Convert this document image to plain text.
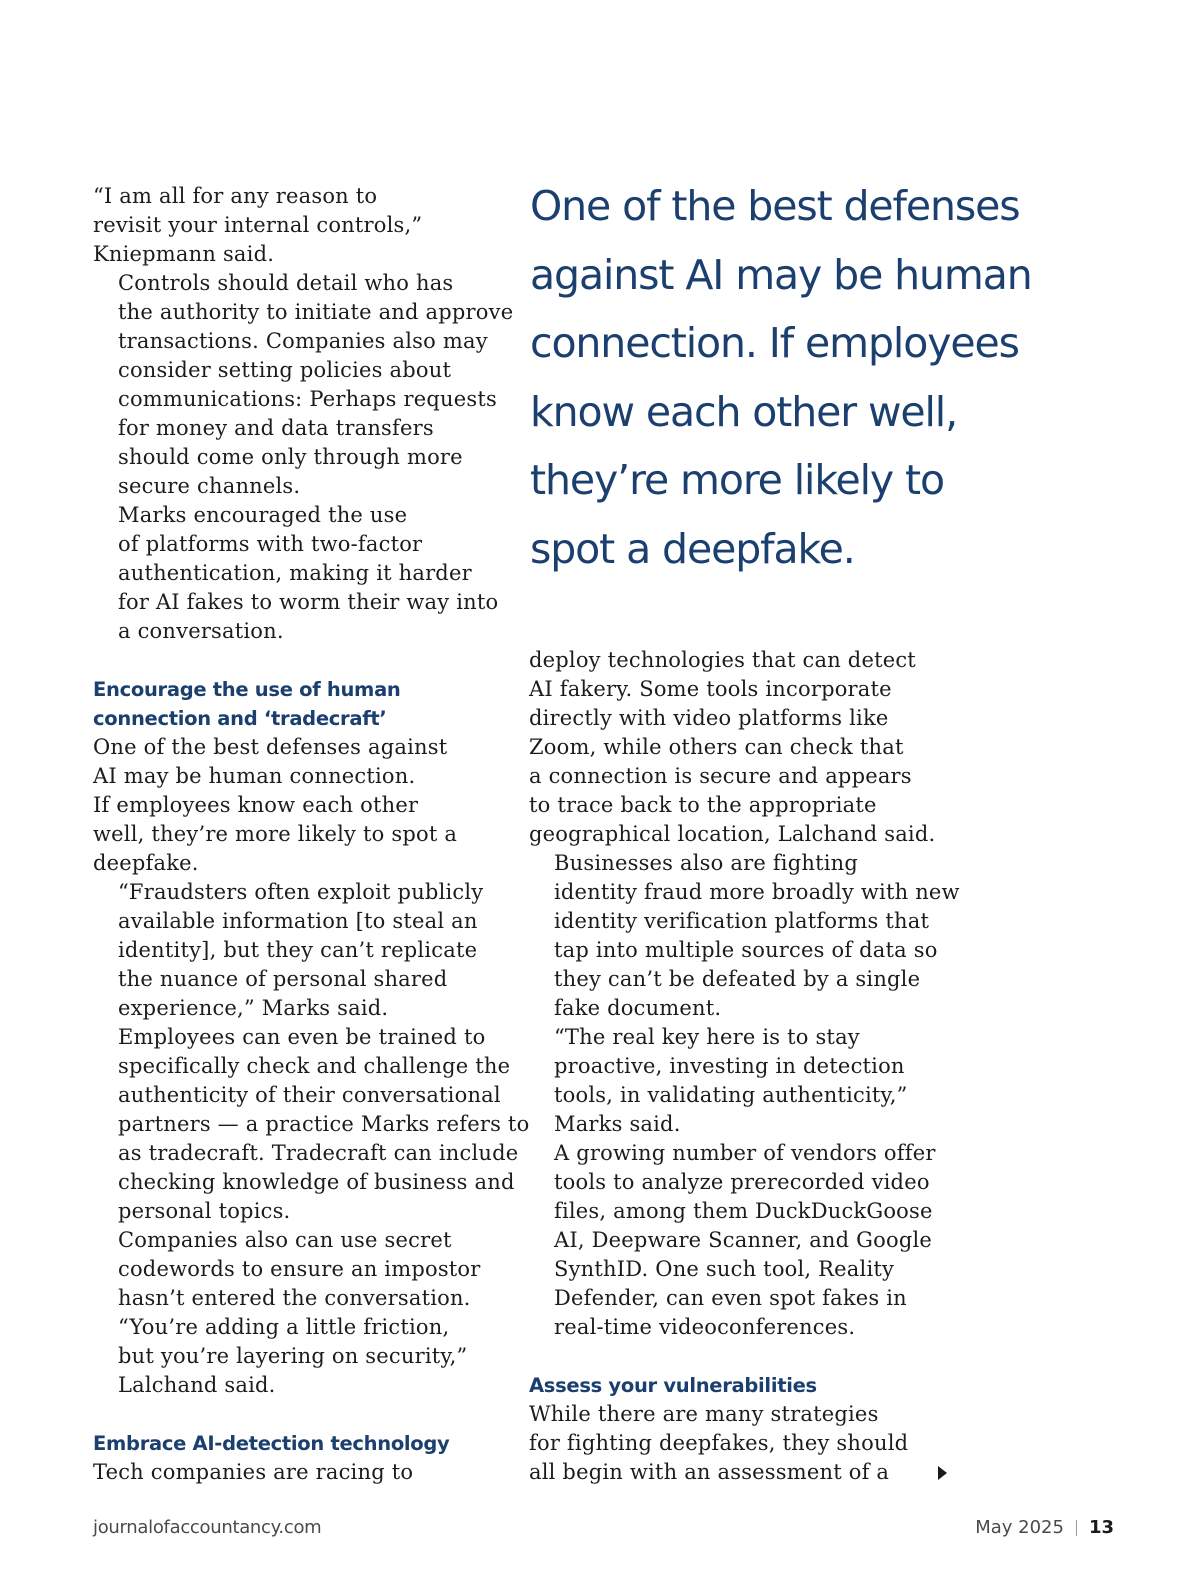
“I am all for any reason to
revisit your internal controls,”
Kniepmann said.

Controls should detail who has
the authority to initiate and approve
transactions. Companies also may
consider setting policies about
communications: Perhaps requests
for money and data transfers
should come only through more
secure channels.

Marks encouraged the use
of platforms with two-factor
authentication, making it harder
for AI fakes to worm their way into
a conversation.

Encourage the use of human
connection and ‘tradecraft’

One of the best defenses against
AI may be human connection.
If employees know each other
well, they’re more likely to spot a
deepfake.

“Fraudsters often exploit publicly
available information [to steal an
identity], but they can’t replicate
the nuance of personal shared
experience,” Marks said.

Employees can even be trained to
specifically check and challenge the
authenticity of their conversational
partners — a practice Marks refers to
as tradecraft. Tradecraft can include
checking knowledge of business and
personal topics.

Companies also can use secret
codewords to ensure an impostor
hasn’t entered the conversation.

“You’re adding a little friction,
but you’re layering on security,”
Lalchand said.

Embrace AI-detection technology

Tech companies are racing to

One of the best defenses
against AI may be human
connection. If employees
know each other well,
they’re more likely to
spot a deepfake.

deploy technologies that can detect
AI fakery. Some tools incorporate
directly with video platforms like
Zoom, while others can check that
a connection is secure and appears
to trace back to the appropriate
geographical location, Lalchand said.

Businesses also are fighting
identity fraud more broadly with new
identity verification platforms that
tap into multiple sources of data so
they can’t be defeated by a single
fake document.

“The real key here is to stay
proactive, investing in detection
tools, in validating authenticity,”
Marks said.

A growing number of vendors offer
tools to analyze prerecorded video
files, among them DuckDuckGoose
AI, Deepware Scanner, and Google
SynthID. One such tool, Reality
Defender, can even spot fakes in
real-time videoconferences.

Assess your vulnerabilities

While there are many strategies
for fighting deepfakes, they should
all begin with an assessment of a

journalofaccountancy.com	May 2025 13
